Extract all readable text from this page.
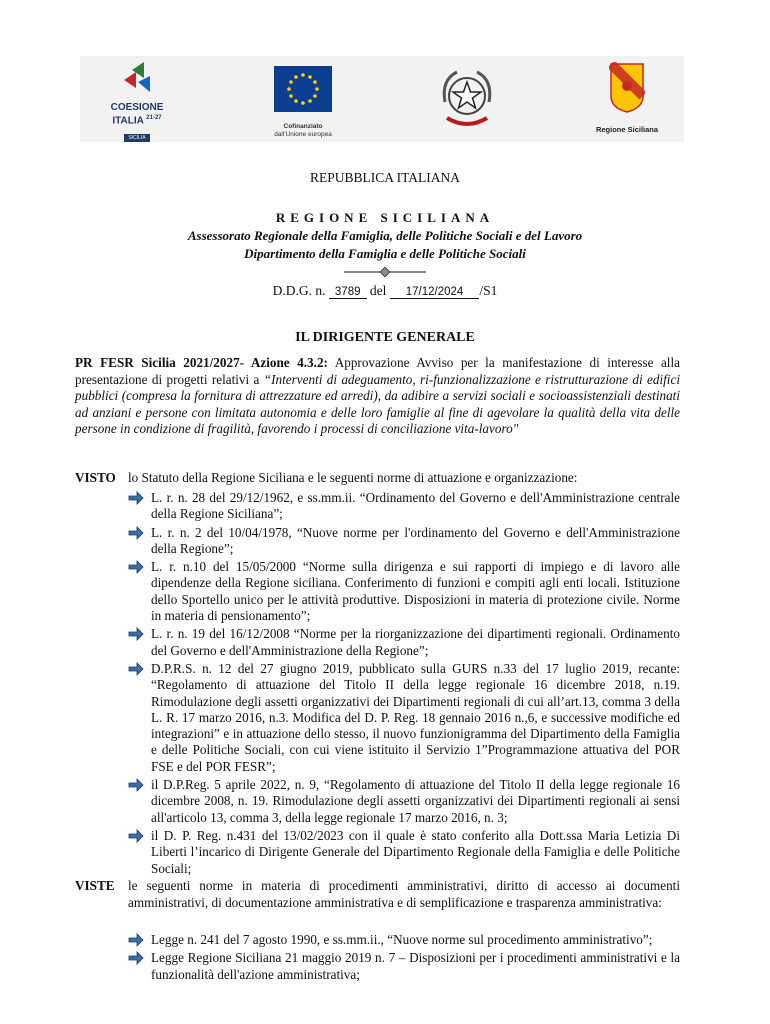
COESIONE
ITALIA $^{21-27}$
SICILIA
Cofinanziato
dall'Unione europea
Regione Siciliana
REPUBBLICA ITALIANA
REGIONE SICILIANA
Assessorato Regionale della Famiglia, delle Politiche Sociali e del Lavoro
Dipartimento della Famiglia e delle Politiche Sociali
D.D.G. n. 3789 del 17/12/2024 /S1
IL DIRIGENTE GENERALE
PR FESR Sicilia 2021/2027- Azione 4.3.2: Approvazione Avviso per la manifestazione di interesse alla presentazione di progetti relativi a “Interventi di adeguamento, ri-funzionalizzazione e ristrutturazione di edifici pubblici (compresa la fornitura di attrezzature ed arredi), da adibire a servizi sociali e socioassistenziali destinati ad anziani e persone con limitata autonomia e delle loro famiglie al fine di agevolare la qualità della vita delle persone in condizione di fragilità, favorendo i processi di conciliazione vita-lavoro"
VISTO lo Statuto della Regione Siciliana e le seguenti norme di attuazione e organizzazione:
L. r. n. 28 del 29/12/1962, e ss.mm.ii. “Ordinamento del Governo e dell'Amministrazione centrale della Regione Siciliana”;
L. r. n. 2 del 10/04/1978, “Nuove norme per l'ordinamento del Governo e dell'Amministrazione della Regione”;
L. r. n.10 del 15/05/2000 “Norme sulla dirigenza e sui rapporti di impiego e di lavoro alle dipendenze della Regione siciliana. Conferimento di funzioni e compiti agli enti locali. Istituzione dello Sportello unico per le attività produttive. Disposizioni in materia di protezione civile. Norme in materia di pensionamento”;
L. r. n. 19 del 16/12/2008 “Norme per la riorganizzazione dei dipartimenti regionali. Ordinamento del Governo e dell'Amministrazione della Regione”;
D.P.R.S. n. 12 del 27 giugno 2019, pubblicato sulla GURS n.33 del 17 luglio 2019, recante: “Regolamento di attuazione del Titolo II della legge regionale 16 dicembre 2018, n.19. Rimodulazione degli assetti organizzativi dei Dipartimenti regionali di cui all’art.13, comma 3 della L. R. 17 marzo 2016, n.3. Modifica del D. P. Reg. 18 gennaio 2016 n.,6, e successive modifiche ed integrazioni” e in attuazione dello stesso, il nuovo funzionigramma del Dipartimento della Famiglia e delle Politiche Sociali, con cui viene istituito il Servizio 1”Programmazione attuativa del POR FSE e del POR FESR”;
il D.P.Reg. 5 aprile 2022, n. 9, “Regolamento di attuazione del Titolo II della legge regionale 16 dicembre 2008, n. 19. Rimodulazione degli assetti organizzativi dei Dipartimenti regionali ai sensi all'articolo 13, comma 3, della legge regionale 17 marzo 2016, n. 3;
il D. P. Reg. n.431 del 13/02/2023 con il quale è stato conferito alla Dott.ssa Maria Letizia Di Liberti l’incarico di Dirigente Generale del Dipartimento Regionale della Famiglia e delle Politiche Sociali;
VISTE le seguenti norme in materia di procedimenti amministrativi, diritto di accesso ai documenti amministrativi, di documentazione amministrativa e di semplificazione e trasparenza amministrativa:
Legge n. 241 del 7 agosto 1990, e ss.mm.ii., “Nuove norme sul procedimento amministrativo”;
Legge Regione Siciliana 21 maggio 2019 n. 7 – Disposizioni per i procedimenti amministrativi e la funzionalità dell'azione amministrativa;
